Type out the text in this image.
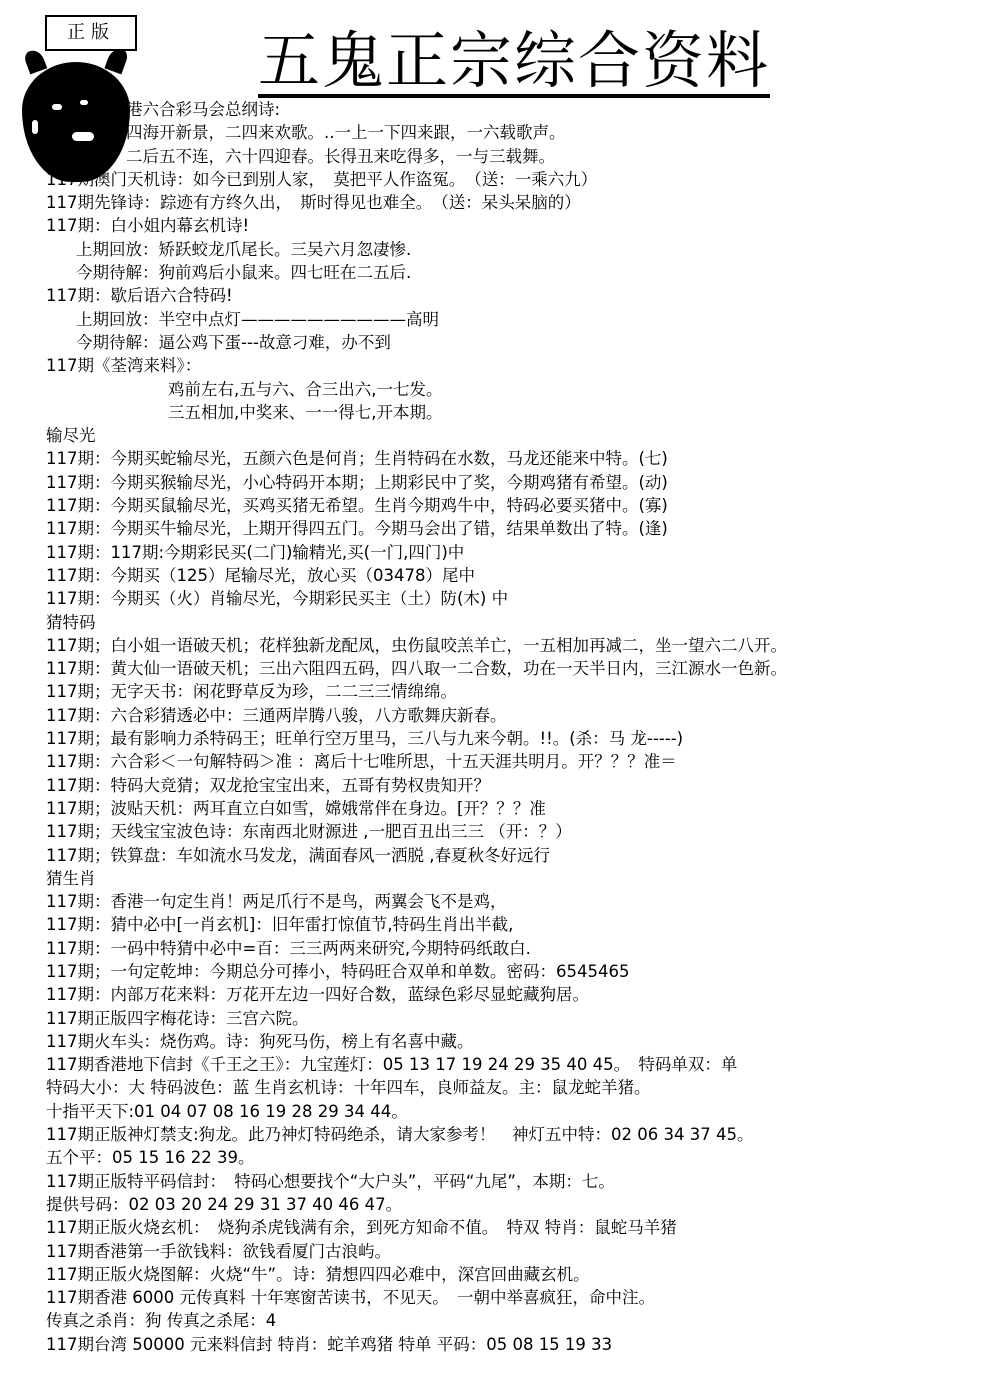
正版	五鬼正宗综合资料
港六合彩马会总纲诗:
四海开新景，二四来欢歌。..一上一下四来跟，一六载歌声。
二后五不连，六十四迎春。长得丑来吃得多，一与三载舞。
117期澳门天机诗：如今已到别人家，　莫把平人作盗冤。　（送：一乘六九）
117期先锋诗：踪迹有方终久出，　斯时得见也难全。　（送：呆头呆脑的）
117期：白小姐内幕玄机诗!
上期回放：矫跃蛟龙爪尾长。三吴六月忽凄惨.
今期待解：狗前鸡后小鼠来。四七旺在二五后.
117期：歇后语六合特码!
上期回放：半空中点灯——————————高明
今期待解：逼公鸡下蛋---故意刁难，办不到
117期《荃湾来料》：
鸡前左右,五与六、合三出六,一七发。
三五相加,中奖来、一一得七,开本期。
输尽光
117期：今期买蛇输尽光，五颜六色是何肖；生肖特码在水数，马龙还能来中特。(七)
117期：今期买猴输尽光，小心特码开本期；上期彩民中了奖，今期鸡猪有希望。(动)
117期：今期买鼠输尽光，买鸡买猪无希望。生肖今期鸡牛中，特码必要买猪中。(寡)
117期：今期买牛输尽光，上期开得四五门。今期马会出了错，结果单数出了特。(逢)
117期：117期:今期彩民买(二门)输精光,买(一门,四门)中
117期：今期买（125）尾输尽光，放心买（03478）尾中
117期：今期买（火）肖输尽光，今期彩民买主（土）防(木) 中
猜特码
117期；白小姐一语破天机；花样独新龙配凤，虫伤鼠咬羔羊亡，一五相加再减二，坐一望六二八开。
117期：黄大仙一语破天机；三出六阻四五码，四八取一二合数，功在一天半日内，三江源水一色新。
117期；无字天书：闲花野草反为珍，二二三三情绵绵。
117期：六合彩猜透必中：三通两岸腾八骏，八方歌舞庆新春。
117期；最有影响力杀特码王；旺单行空万里马，三八与九来今朝。!!。(杀：马 龙-----)
117期：六合彩＜一句解特码＞准 ：离后十七唯所思，十五天涯共明月。开？？？准＝
117期：特码大竞猜；双龙抢宝宝出来，五哥有势权贵知开？
117期；波贴天机：两耳直立白如雪，嫦娥常伴在身边。[开？？？准
117期；天线宝宝波色诗：东南西北财源进 ,一肥百丑出三三 （开：？）
117期；铁算盘：车如流水马发龙，满面春风一洒脱 ,春夏秋冬好远行
猜生肖
117期：香港一句定生肖！两足爪行不是鸟，两翼会飞不是鸡，
117期：猜中必中[一肖玄机]：旧年雷打惊值节,特码生肖出半截,
117期：一码中特猜中必中=百：三三两两来研究,今期特码纸敢白.
117期；一句定乾坤：今期总分可捧小，特码旺合双单和单数。密码：6545465
117期：内部万花来料：万花开左边一四好合数，蓝绿色彩尽显蛇藏狗居。
117期正版四字梅花诗：三宫六院。
117期火车头：烧伤鸡。诗：狗死马伤，榜上有名喜中藏。
117期香港地下信封《千王之王》：九宝莲灯：05 13 17 19 24 29 35 40 45。　特码单双：单
特码大小：大 特码波色：蓝 生肖玄机诗：十年四车，良师益友。主：鼠龙蛇羊猪。
十指平天下:01 04 07 08 16 19 28 29 34 44。
117期正版神灯禁支:狗龙。此乃神灯特码绝杀，请大家参考！　神灯五中特：02 06 34 37 45。
五个平：05 15 16 22 39。
117期正版特平码信封：　特码心想要找个“大户头”，平码“九尾”，本期：七。
提供号码：02 03 20 24 29 31 37 40 46 47。
117期正版火烧玄机：　烧狗杀虎钱满有余，到死方知命不值。　特双 特肖：鼠蛇马羊猪
117期香港第一手欲钱料：欲钱看厦门古浪屿。
117期正版火烧图解：火烧“牛”。诗：猜想四四必难中，深宫回曲藏玄机。
117期香港 6000 元传真料 十年寒窗苦读书，不见天。　一朝中举喜疯狂，命中注。
传真之杀肖：狗 传真之杀尾：4
117期台湾 50000 元来料信封 特肖：蛇羊鸡猪 特单 平码：05 08 15 19 33
